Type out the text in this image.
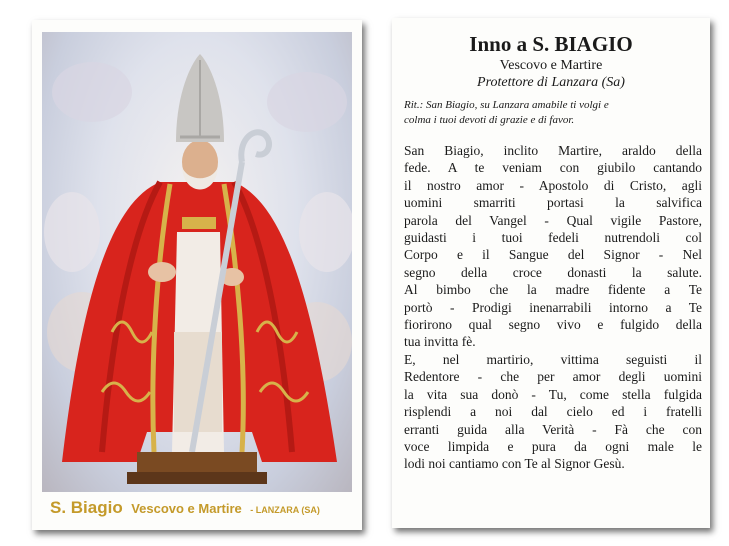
S. Biagio Vescovo e Martire - LANZARA (SA)
Inno a S. BIAGIO
Vescovo e Martire
Protettore di Lanzara (Sa)
Rit.: San Biagio, su Lanzara amabile ti volgi e
colma i tuoi devoti di grazie e di favor.
San Biagio, inclito Martire, araldo della
fede. A te veniam con giubilo cantando
il nostro amor - Apostolo di Cristo, agli
uomini smarriti portasi la salvifica
parola del Vangel - Qual vigile Pastore,
guidasti i tuoi fedeli nutrendoli col
Corpo e il Sangue del Signor - Nel
segno della croce donasti la salute.
Al bimbo che la madre fidente a Te
portò - Prodigi inenarrabili intorno a Te
fiorirono qual segno vivo e fulgido della
tua invitta fè.
E, nel martirio, vittima seguisti il
Redentore - che per amor degli uomini
la vita sua donò - Tu, come stella fulgida
risplendi a noi dal cielo ed i fratelli
erranti guida alla Verità - Fà che con
voce limpida e pura da ogni male le
lodi noi cantiamo con Te al Signor Gesù.
